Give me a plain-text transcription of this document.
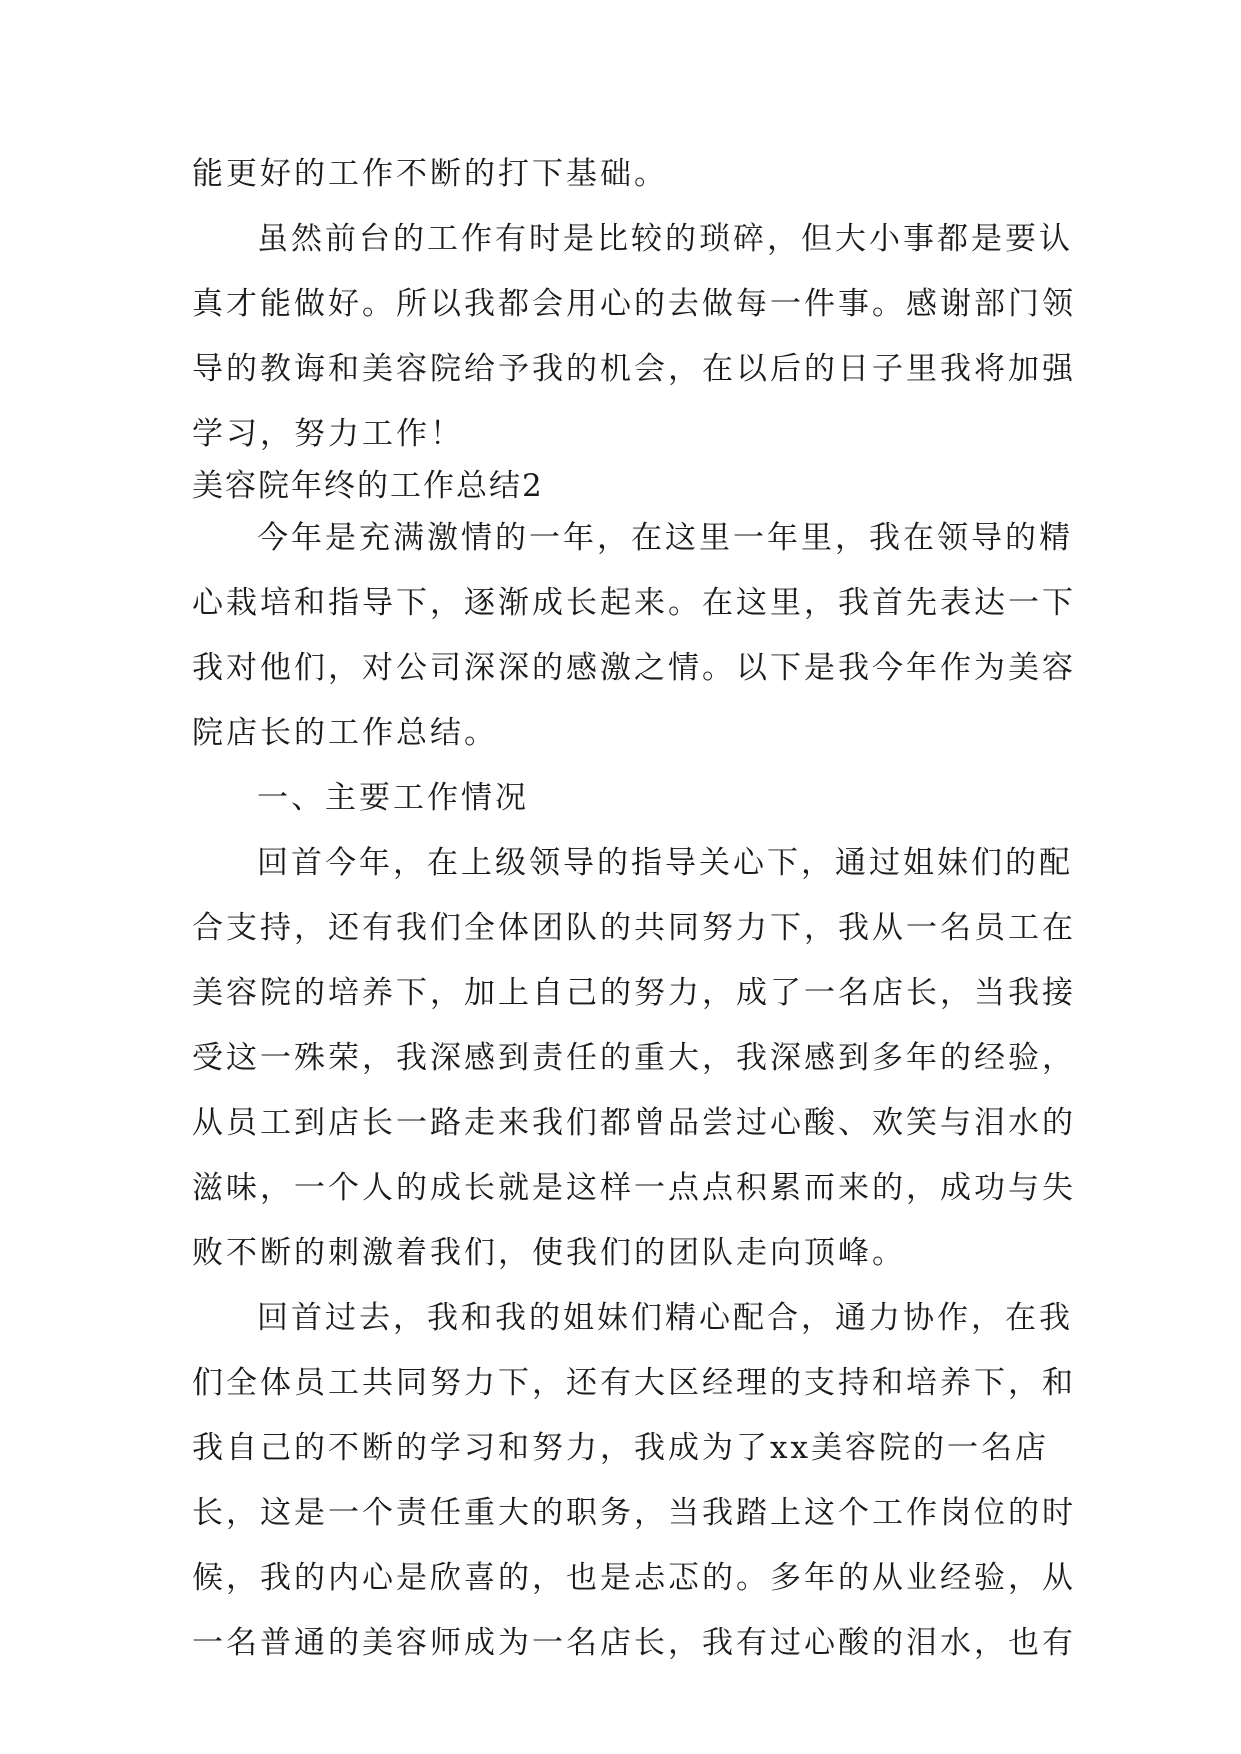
能更好的工作不断的打下基础。
虽然前台的工作有时是比较的琐碎，但大小事都是要认
真才能做好。所以我都会用心的去做每一件事。感谢部门领
导的教诲和美容院给予我的机会，在以后的日子里我将加强
学习，努力工作！
美容院年终的工作总结2
今年是充满激情的一年，在这里一年里，我在领导的精
心栽培和指导下，逐渐成长起来。在这里，我首先表达一下
我对他们，对公司深深的感激之情。以下是我今年作为美容
院店长的工作总结。
一、主要工作情况
回首今年，在上级领导的指导关心下，通过姐妹们的配
合支持，还有我们全体团队的共同努力下，我从一名员工在
美容院的培养下，加上自己的努力，成了一名店长，当我接
受这一殊荣，我深感到责任的重大，我深感到多年的经验，
从员工到店长一路走来我们都曾品尝过心酸、欢笑与泪水的
滋味，一个人的成长就是这样一点点积累而来的，成功与失
败不断的刺激着我们，使我们的团队走向顶峰。
回首过去，我和我的姐妹们精心配合，通力协作，在我
们全体员工共同努力下，还有大区经理的支持和培养下，和
我自己的不断的学习和努力，我成为了xx美容院的一名店
长，这是一个责任重大的职务，当我踏上这个工作岗位的时
候，我的内心是欣喜的，也是忐忑的。多年的从业经验，从
一名普通的美容师成为一名店长，我有过心酸的泪水，也有
